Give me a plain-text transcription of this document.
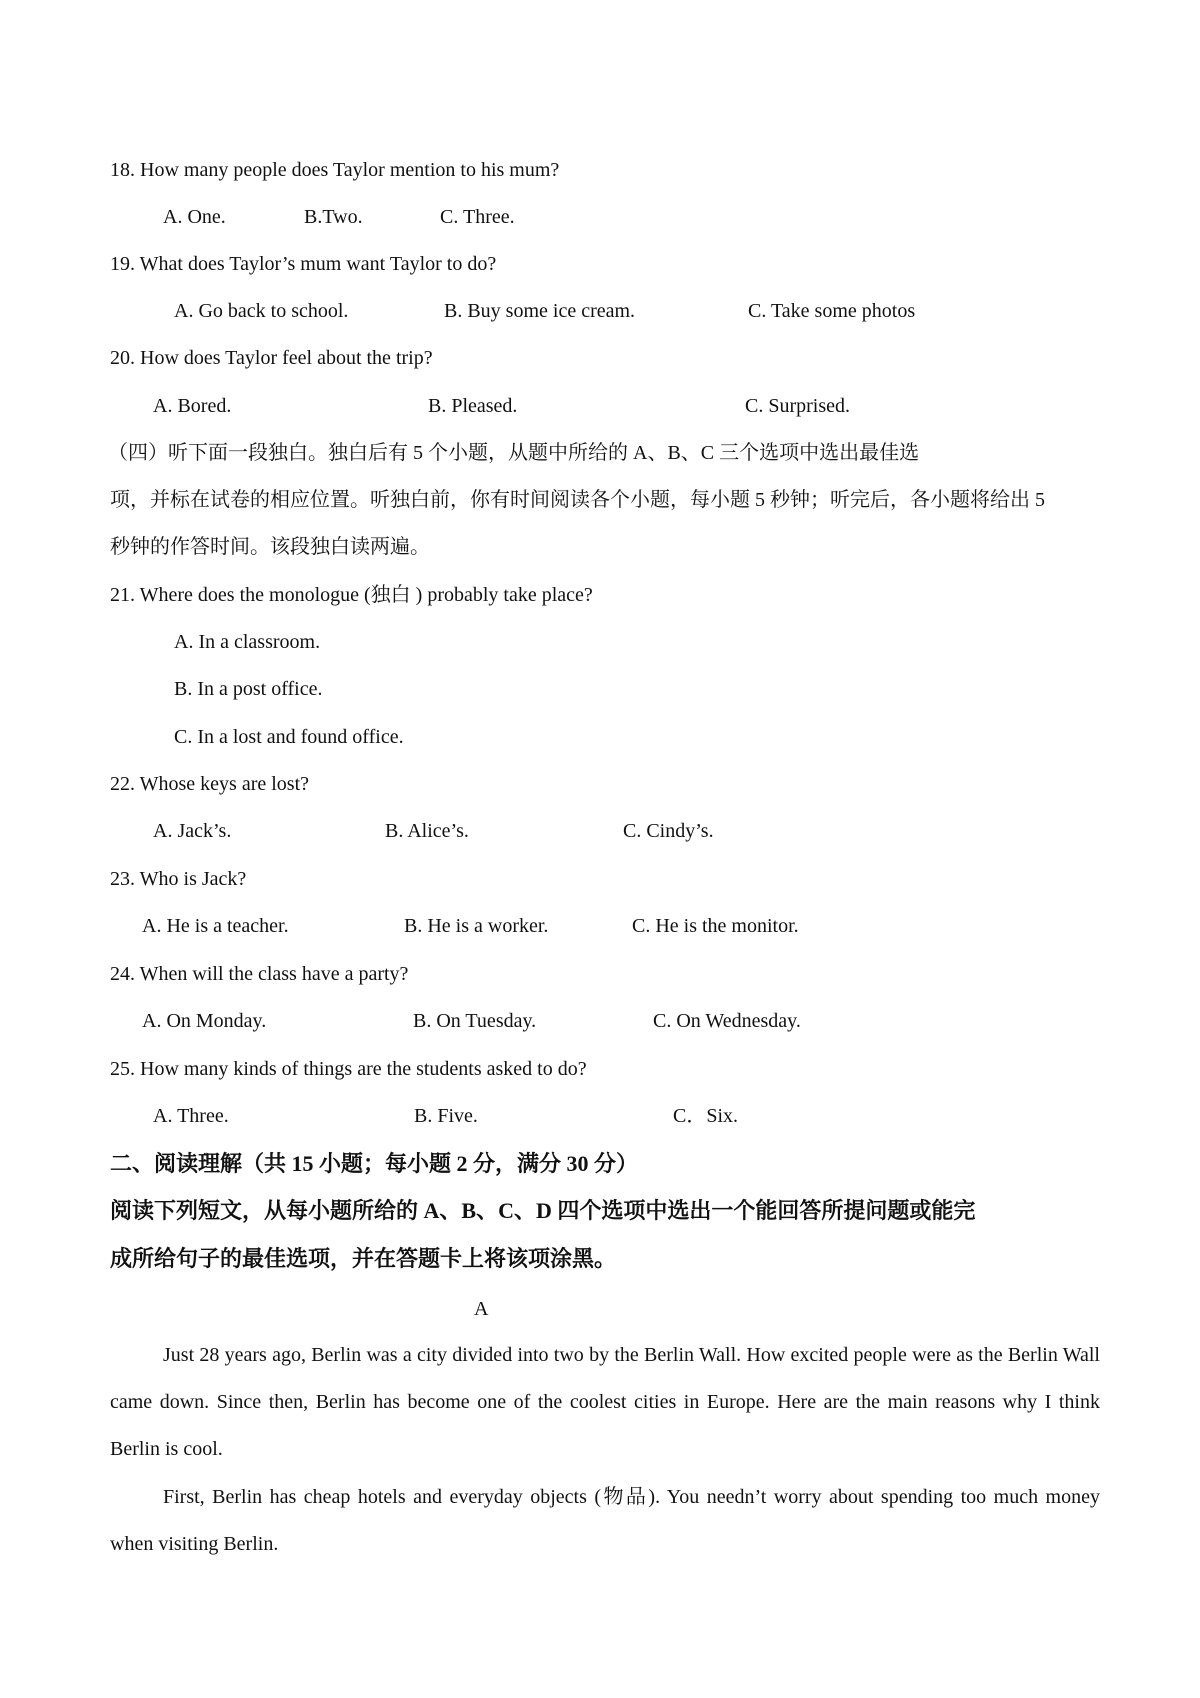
18. How many people does Taylor mention to his mum?
A. One.	B.Two.	C. Three.
19. What does Taylor’s mum want Taylor to do?
A. Go back to school.	B. Buy some ice cream.	C. Take some photos
20. How does Taylor feel about the trip?
A. Bored.	B. Pleased.	C. Surprised.
（四）听下面一段独白。独白后有 5 个小题，从题中所给的 A、B、C 三个选项中选出最佳选
项，并标在试卷的相应位置。听独白前，你有时间阅读各个小题，每小题 5 秒钟；听完后，各小题将给出 5
秒钟的作答时间。该段独白读两遍。
21. Where does the monologue (独白 ) probably take place?
A. In a classroom.
B. In a post office.
C. In a lost and found office.
22. Whose keys are lost?
A. Jack’s.	B. Alice’s.	C. Cindy’s.
23. Who is Jack?
A. He is a teacher.	B. He is a worker.	C. He is the monitor.
24. When will the class have a party?
A. On Monday.	B. On Tuesday.	C. On Wednesday.
25. How many kinds of things are the students asked to do?
A. Three.	B. Five.	C．Six.
二、阅读理解（共 15 小题；每小题 2 分，满分 30 分）
阅读下列短文，从每小题所给的 A、B、C、D 四个选项中选出一个能回答所提问题或能完
成所给句子的最佳选项，并在答题卡上将该项涂黑。
A
Just 28 years ago, Berlin was a city divided into two by the Berlin Wall. How excited people were as the Berlin Wall came down. Since then, Berlin has become one of the coolest cities in Europe. Here are the main reasons why I think Berlin is cool.
First, Berlin has cheap hotels and everyday objects (物品). You needn’t worry about spending too much money when visiting Berlin.
